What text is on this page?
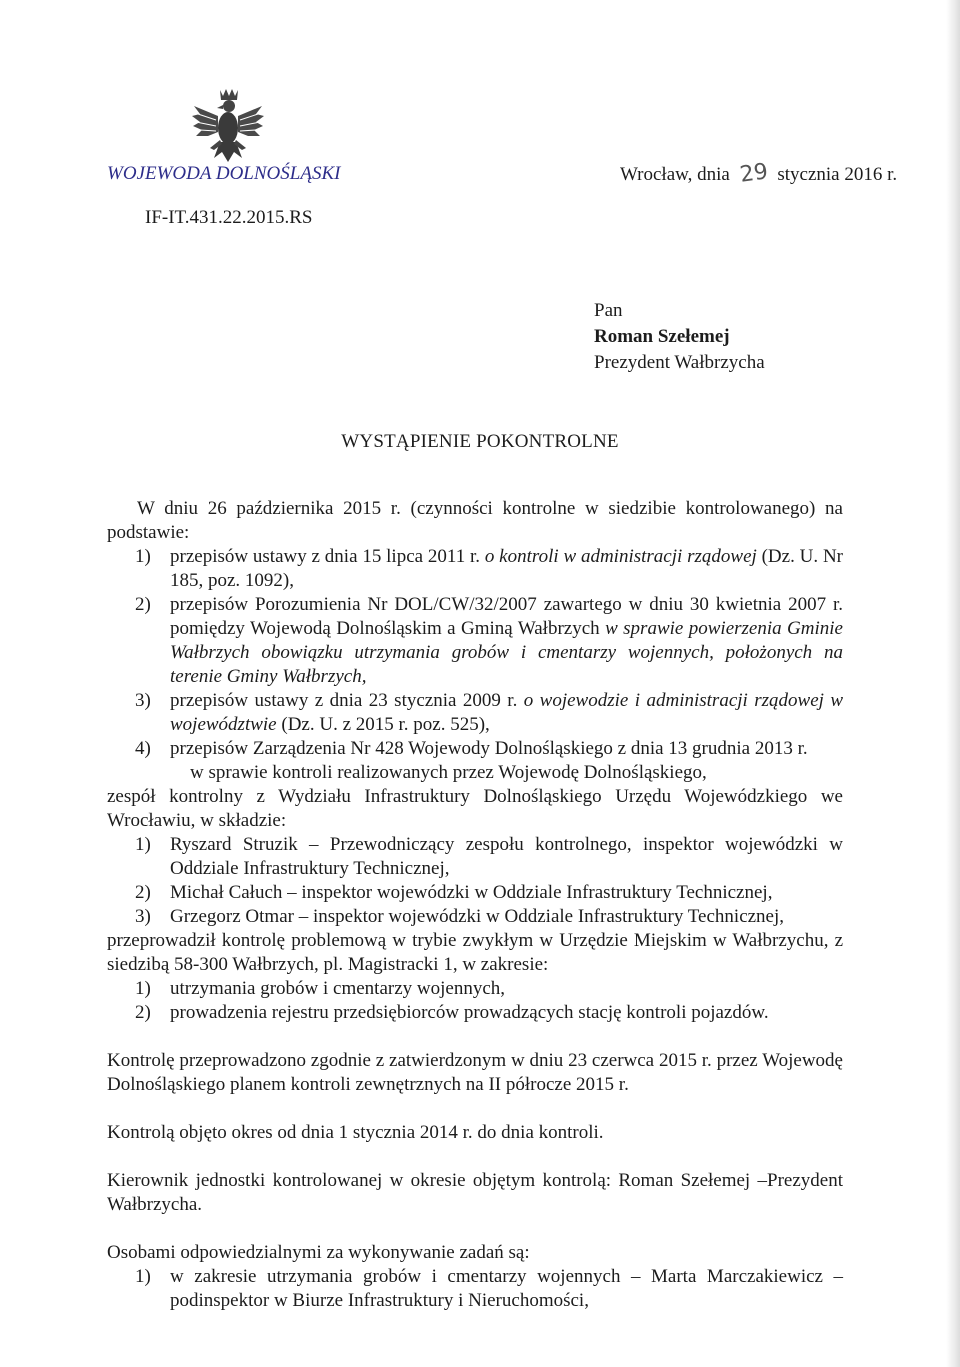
WOJEWODA DOLNOŚLĄSKI	Wrocław, dnia 29 stycznia 2016 r.
IF-IT.431.22.2015.RS
Pan
Roman Szełemej
Prezydent Wałbrzycha
WYSTĄPIENIE POKONTROLNE

W dniu 26 października 2015 r. (czynności kontrolne w siedzibie kontrolowanego) na podstawie:

1)	przepisów ustawy z dnia 15 lipca 2011 r. o kontroli w administracji rządowej (Dz. U. Nr 185, poz. 1092),
2)	przepisów Porozumienia Nr DOL/CW/32/2007 zawartego w dniu 30 kwietnia 2007 r. pomiędzy Wojewodą Dolnośląskim a Gminą Wałbrzych w sprawie powierzenia Gminie Wałbrzych obowiązku utrzymania grobów i cmentarzy wojennych, położonych na terenie Gminy Wałbrzych,
3)	przepisów ustawy z dnia 23 stycznia 2009 r. o wojewodzie i administracji rządowej w województwie (Dz. U. z 2015 r. poz. 525),
4)	przepisów Zarządzenia Nr 428 Wojewody Dolnośląskiego z dnia 13 grudnia 2013 r.

w sprawie kontroli realizowanych przez Wojewodę Dolnośląskiego,

zespół kontrolny z Wydziału Infrastruktury Dolnośląskiego Urzędu Wojewódzkiego we Wrocławiu, w składzie:

1)	Ryszard Struzik – Przewodniczący zespołu kontrolnego, inspektor wojewódzki w Oddziale Infrastruktury Technicznej,
2)	Michał Całuch – inspektor wojewódzki w Oddziale Infrastruktury Technicznej,
3)	Grzegorz Otmar – inspektor wojewódzki w Oddziale Infrastruktury Technicznej,

przeprowadził kontrolę problemową w trybie zwykłym w Urzędzie Miejskim w Wałbrzychu, z siedzibą 58-300 Wałbrzych, pl. Magistracki 1, w zakresie:

1)	utrzymania grobów i cmentarzy wojennych,
2)	prowadzenia rejestru przedsiębiorców prowadzących stację kontroli pojazdów.

Kontrolę przeprowadzono zgodnie z zatwierdzonym w dniu 23 czerwca 2015 r. przez Wojewodę Dolnośląskiego planem kontroli zewnętrznych na II półrocze 2015 r.

Kontrolą objęto okres od dnia 1 stycznia 2014 r. do dnia kontroli.

Kierownik jednostki kontrolowanej w okresie objętym kontrolą: Roman Szełemej –Prezydent Wałbrzycha.

Osobami odpowiedzialnymi za wykonywanie zadań są:

1)	w zakresie utrzymania grobów i cmentarzy wojennych – Marta Marczakiewicz – podinspektor w Biurze Infrastruktury i Nieruchomości,
